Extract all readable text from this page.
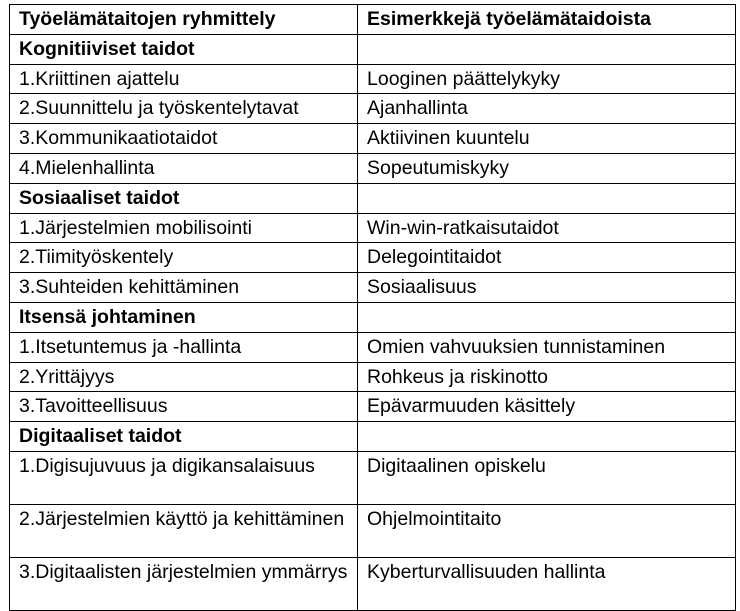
Työelämätaitojen ryhmittely	Esimerkkejä työelämätaidoista
Kognitiiviset taidot	
1.Kriittinen ajattelu	Looginen päättelykyky
2.Suunnittelu ja työskentelytavat	Ajanhallinta
3.Kommunikaatiotaidot	Aktiivinen kuuntelu
4.Mielenhallinta	Sopeutumiskyky
Sosiaaliset taidot	
1.Järjestelmien mobilisointi	Win-win-ratkaisutaidot
2.Tiimityöskentely	Delegointitaidot
3.Suhteiden kehittäminen	Sosiaalisuus
Itsensä johtaminen	
1.Itsetuntemus ja -hallinta	Omien vahvuuksien tunnistaminen
2.Yrittäjyys	Rohkeus ja riskinotto
3.Tavoitteellisuus	Epävarmuuden käsittely
Digitaaliset taidot	
1.Digisujuvuus ja digikansalaisuus	Digitaalinen opiskelu
2.Järjestelmien käyttö ja kehittäminen	Ohjelmointitaito
3.Digitaalisten järjestelmien ymmärrys	Kyberturvallisuuden hallinta
